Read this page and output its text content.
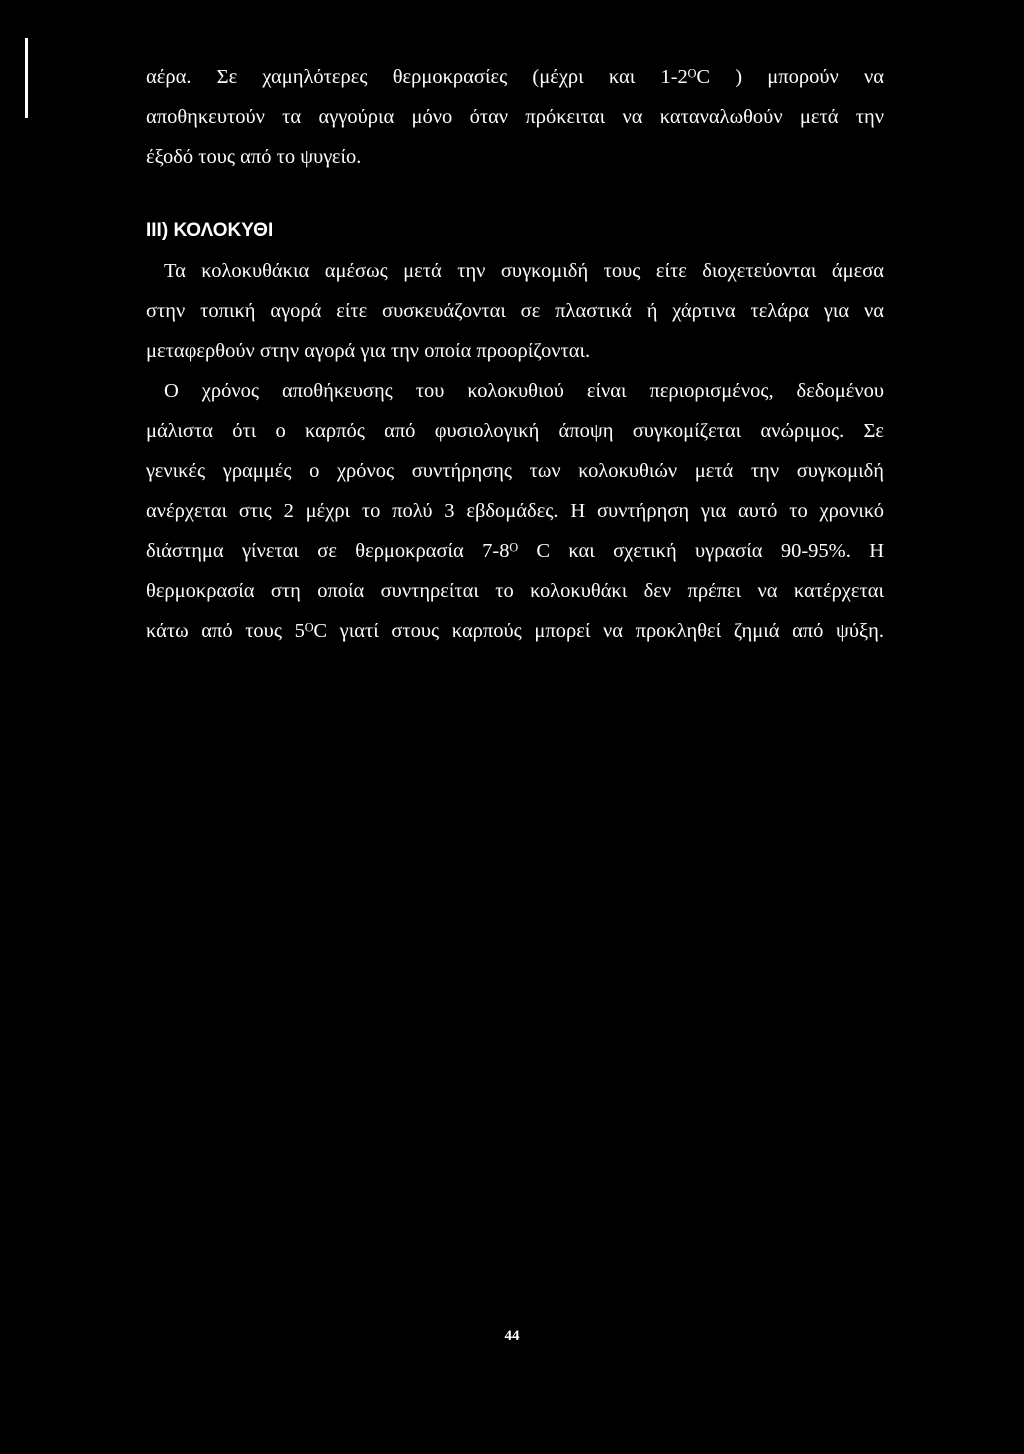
αέρα. Σε χαμηλότερες θερμοκρασίες (μέχρι και 1-2ᴼC ) μπορούν να
αποθηκευτούν τα αγγούρια μόνο όταν πρόκειται να καταναλωθούν μετά την
έξοδό τους από το ψυγείο.
III) ΚΟΛΟΚΥΘΙ
Τα κολοκυθάκια αμέσως μετά την συγκομιδή τους είτε διοχετεύονται άμεσα
στην τοπική αγορά είτε συσκευάζονται σε πλαστικά ή χάρτινα τελάρα για να
μεταφερθούν στην αγορά για την οποία προορίζονται.
Ο χρόνος αποθήκευσης του κολοκυθιού είναι περιορισμένος, δεδομένου
μάλιστα ότι ο καρπός από φυσιολογική άποψη συγκομίζεται ανώριμος. Σε
γενικές γραμμές ο χρόνος συντήρησης των κολοκυθιών μετά την συγκομιδή
ανέρχεται στις 2 μέχρι το πολύ 3 εβδομάδες. Η συντήρηση για αυτό το χρονικό
διάστημα γίνεται σε θερμοκρασία 7-8ᴼ C και σχετική υγρασία 90-95%. Η
θερμοκρασία στη οποία συντηρείται το κολοκυθάκι δεν πρέπει να κατέρχεται
κάτω από τους 5ᴼC γιατί στους καρπούς μπορεί να προκληθεί ζημιά από ψύξη.
44
